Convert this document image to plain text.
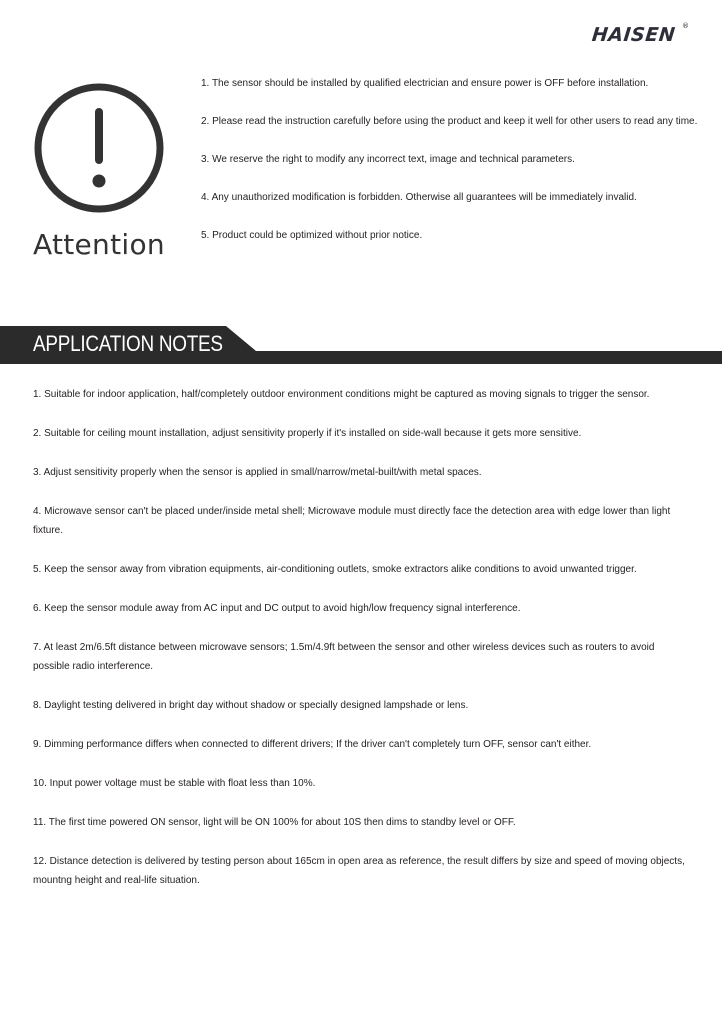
HAISEN ®
Attention
1. The sensor should be installed by qualified electrician and ensure power is OFF before installation.
2. Please read the instruction carefully before using the product and keep it well for other users to read any time.
3. We reserve the right to modify any incorrect text, image and technical parameters.
4. Any unauthorized modification is forbidden. Otherwise all guarantees will be immediately invalid.
5. Product could be optimized without prior notice.
APPLICATION NOTES
1. Suitable for indoor application, half/completely outdoor environment conditions might be captured as moving signals to trigger the sensor.
2. Suitable for ceiling mount installation, adjust sensitivity properly if it's installed on side-wall because it gets more sensitive.
3. Adjust sensitivity properly when the sensor is applied in small/narrow/metal-built/with metal spaces.
4. Microwave sensor can't be placed under/inside metal shell; Microwave module must directly face the detection area with edge lower than light fixture.
5. Keep the sensor away from vibration equipments, air-conditioning outlets, smoke extractors alike conditions to avoid unwanted trigger.
6. Keep the sensor module away from AC input and DC output to avoid high/low frequency signal interference.
7. At least 2m/6.5ft distance between microwave sensors; 1.5m/4.9ft between the sensor and other wireless devices such as routers to avoid possible radio interference.
8. Daylight testing delivered in bright day without shadow or specially designed lampshade or lens.
9. Dimming performance differs when connected to different drivers; If the driver can't completely turn OFF, sensor can't either.
10. Input power voltage must be stable with float less than 10%.
11. The first time powered ON sensor, light will be ON 100% for about 10S then dims to standby level or OFF.
12. Distance detection is delivered by testing person about 165cm in open area as reference, the result differs by size and speed of moving objects, mountng height and real-life situation.
